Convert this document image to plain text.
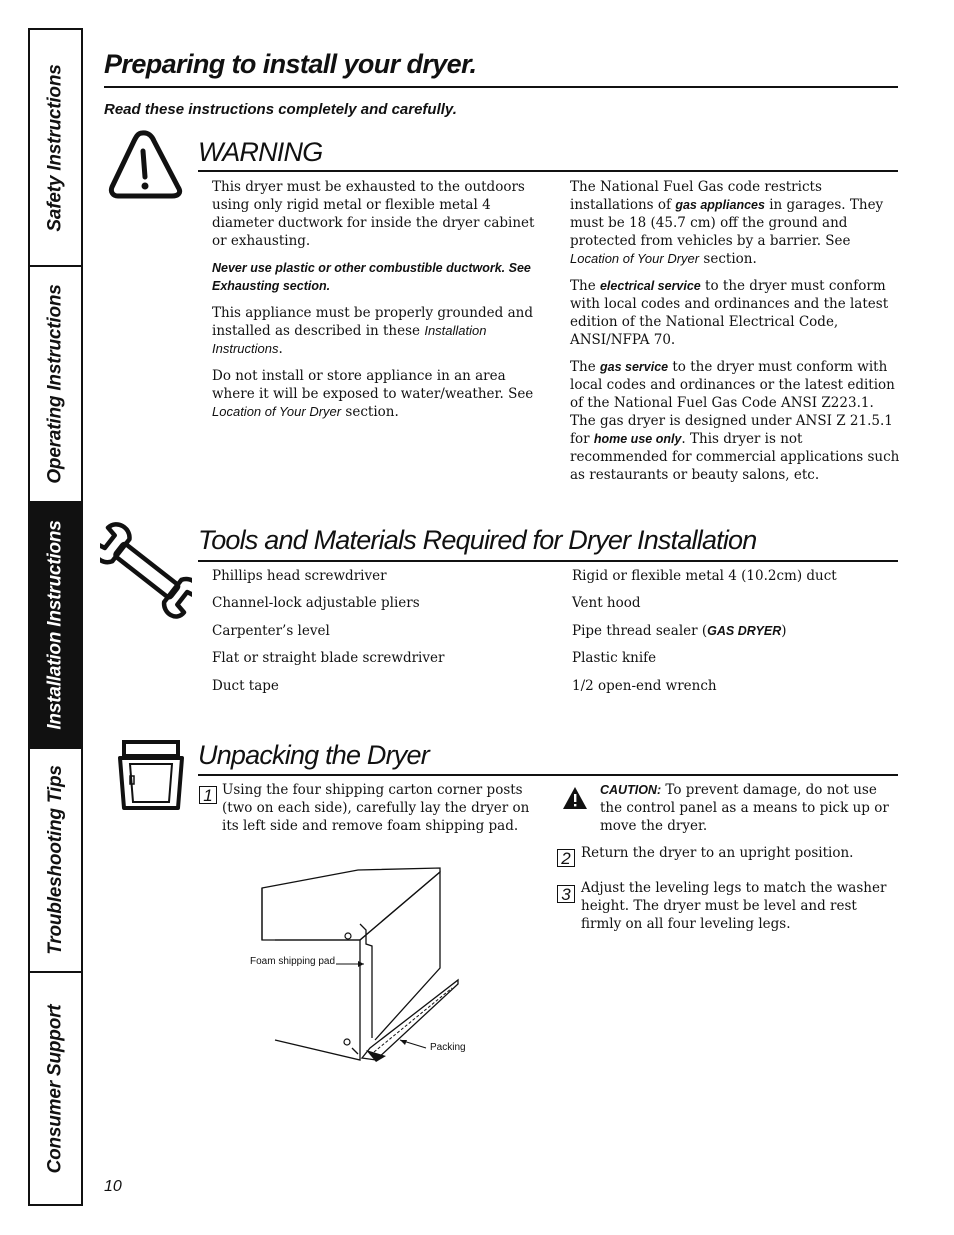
Safety Instructions
Operating Instructions
Installation Instructions
Troubleshooting Tips
Consumer Support
Preparing to install your dryer.
Read these instructions completely and carefully.
WARNING

This dryer must be exhausted to the outdoors using only rigid metal or flexible metal 4 diameter ductwork for inside the dryer cabinet or exhausting.

Never use plastic or other combustible ductwork. See Exhausting section.

This appliance must be properly grounded and installed as described in these Installation Instructions.

Do not install or store appliance in an area where it will be exposed to water/weather. See Location of Your Dryer section.

The National Fuel Gas code restricts installations of gas appliances in garages. They must be 18 (45.7 cm) off the ground and protected from vehicles by a barrier. See Location of Your Dryer section.

The electrical service to the dryer must conform with local codes and ordinances and the latest edition of the National Electrical Code, ANSI/NFPA 70.

The gas service to the dryer must conform with local codes and ordinances or the latest edition of the National Fuel Gas Code ANSI Z223.1. The gas dryer is designed under ANSI Z 21.5.1 for home use only. This dryer is not recommended for commercial applications such as restaurants or beauty salons, etc.

Tools and Materials Required for Dryer Installation
Phillips head screwdriver
Channel-lock adjustable pliers
Carpenter’s level
Flat or straight blade screwdriver
Duct tape
Rigid or flexible metal 4 (10.2cm) duct
Vent hood
Pipe thread sealer (GAS DRYER)
Plastic knife
1/2 open-end wrench
Unpacking the Dryer
1 Using the four shipping carton corner posts (two on each side), carefully lay the dryer on its left side and remove foam shipping pad.
Foam shipping pad
Packing
CAUTION: To prevent damage, do not use the control panel as a means to pick up or move the dryer.
2 Return the dryer to an upright position.
3 Adjust the leveling legs to match the washer height. The dryer must be level and rest firmly on all four leveling legs.
10
